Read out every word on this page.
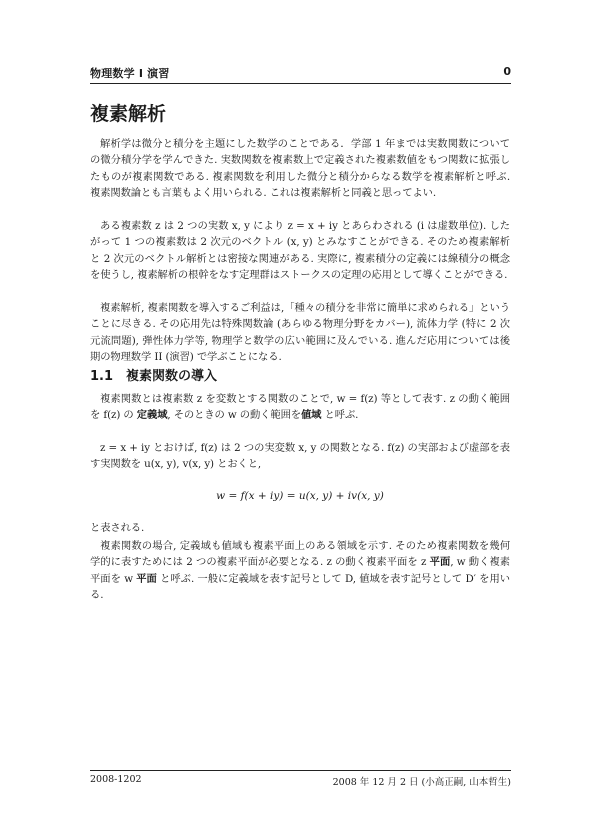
物理数学 I 演習	0
複素解析

解析学は微分と積分を主題にした数学のことである．学部 1 年までは実数関数についての微分積分学を学んできた. 実数関数を複素数上で定義された複素数値をもつ関数に拡張したものが複素関数である. 複素関数を利用した微分と積分からなる数学を複素解析と呼ぶ. 複素関数論とも言葉もよく用いられる. これは複素解析と同義と思ってよい.

ある複素数 z は 2 つの実数 x, y により z = x + iy とあらわされる (i は虚数単位). したがって 1 つの複素数は 2 次元のベクトル (x, y) とみなすことができる. そのため複素解析と 2 次元のベクトル解析とは密接な関連がある. 実際に, 複素積分の定義には線積分の概念を使うし, 複素解析の根幹をなす定理群はストークスの定理の応用として導くことができる.

複素解析, 複素関数を導入するご利益は,「種々の積分を非常に簡単に求められる」ということに尽きる. その応用先は特殊関数論 (あらゆる物理分野をカバー), 流体力学 (特に 2 次元流問題), 弾性体力学等, 物理学と数学の広い範囲に及んでいる. 進んだ応用については後期の物理数学 II (演習) で学ぶことになる.

1.1 複素関数の導入

複素関数とは複素数 z を変数とする関数のことで, w = f(z) 等として表す. z の動く範囲を f(z) の 定義域, そのときの w の動く範囲を値域 と呼ぶ.

z = x + iy とおけば, f(z) は 2 つの実変数 x, y の関数となる. f(z) の実部および虚部を表す実関数を u(x, y), v(x, y) とおくと,

w = f(x + iy) = u(x, y) + iv(x, y)

と表される.

複素関数の場合, 定義域も値域も複素平面上のある領域を示す. そのため複素関数を幾何学的に表すためには 2 つの複素平面が必要となる. z の動く複素平面を z 平面, w 動く複素平面を w 平面 と呼ぶ. 一般に定義域を表す記号として D, 値域を表す記号として D′ を用いる.

2008-1202	2008 年 12 月 2 日 (小高正嗣, 山本哲生)
